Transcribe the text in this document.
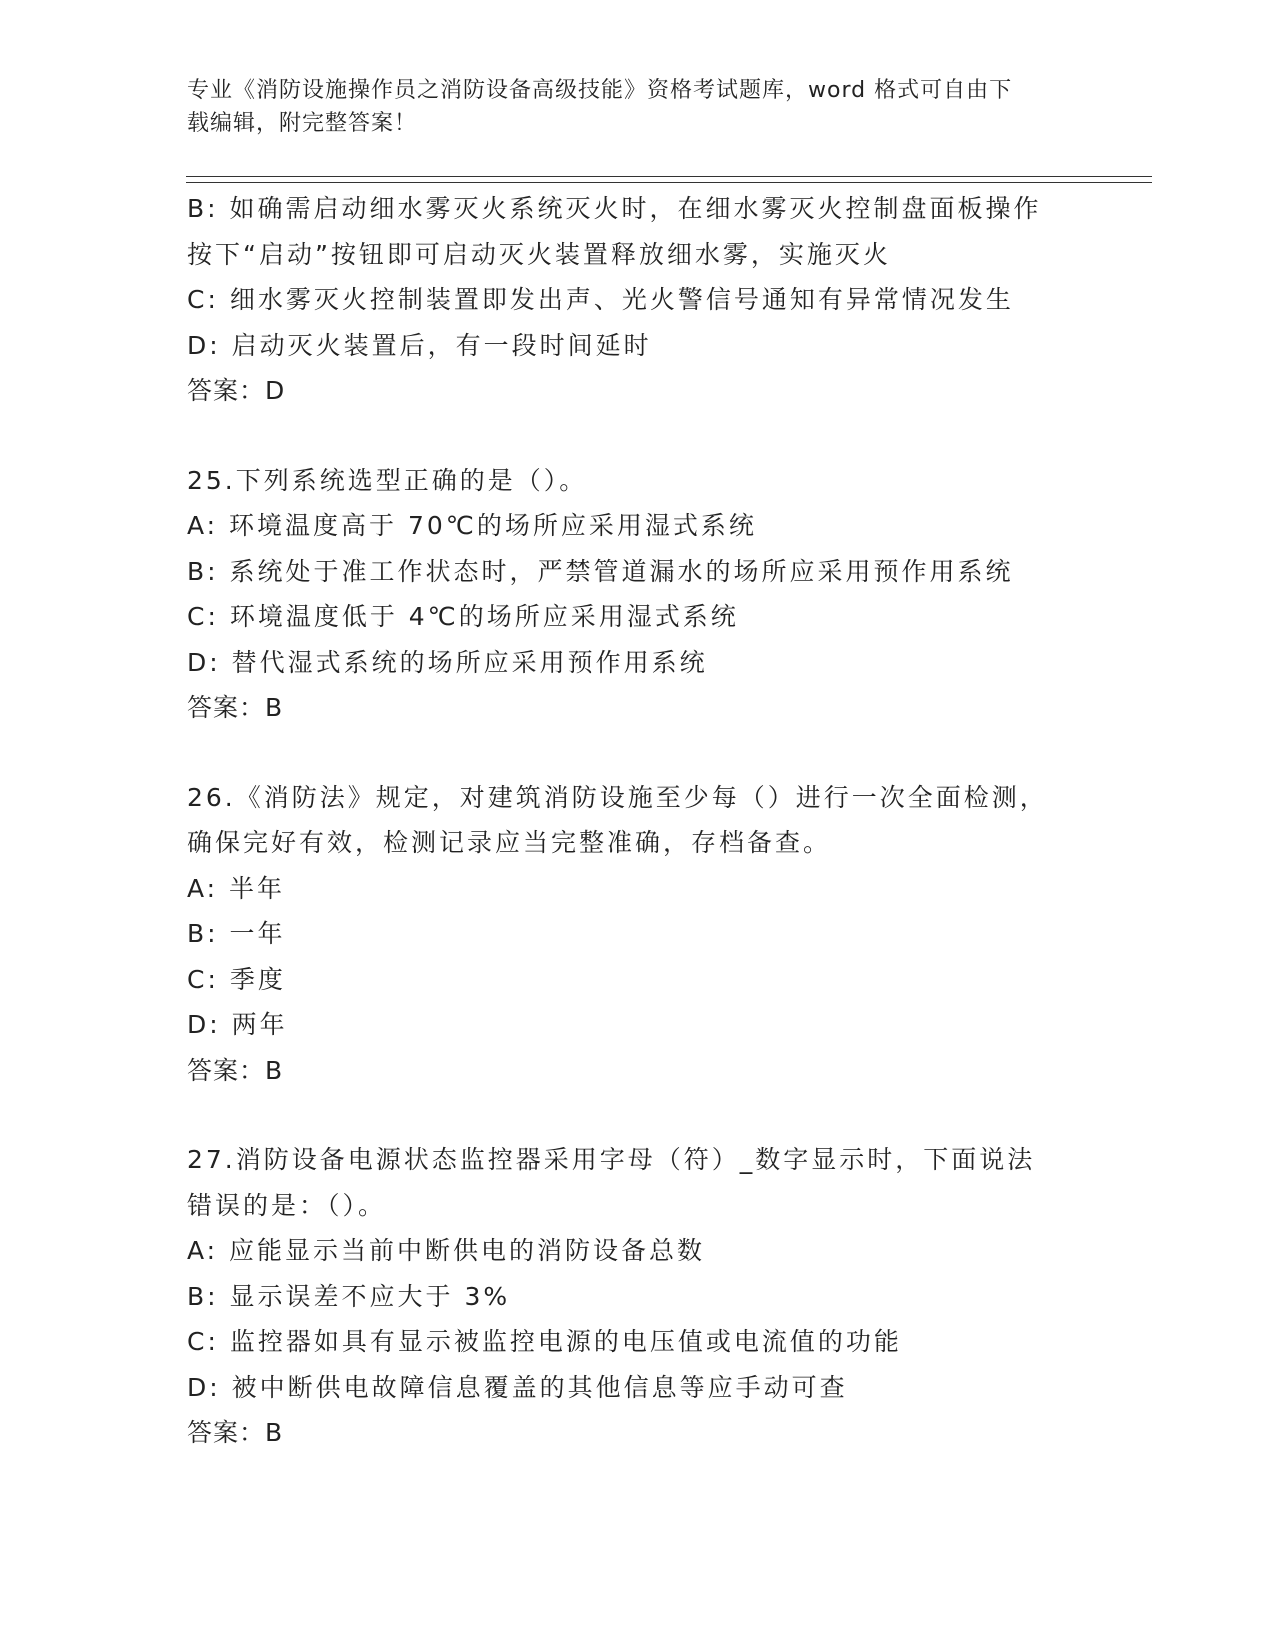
专业《消防设施操作员之消防设备高级技能》资格考试题库，word 格式可自由下
载编辑，附完整答案！
B: 如确需启动细水雾灭火系统灭火时，在细水雾灭火控制盘面板操作
按下“启动”按钮即可启动灭火装置释放细水雾，实施灭火
C: 细水雾灭火控制装置即发出声、光火警信号通知有异常情况发生
D: 启动灭火装置后，有一段时间延时
答案：D
25.下列系统选型正确的是（）。
A: 环境温度高于 70℃的场所应采用湿式系统
B: 系统处于准工作状态时，严禁管道漏水的场所应采用预作用系统
C: 环境温度低于 4℃的场所应采用湿式系统
D: 替代湿式系统的场所应采用预作用系统
答案：B
26.《消防法》规定，对建筑消防设施至少每（）进行一次全面检测，
确保完好有效，检测记录应当完整准确，存档备查。
A: 半年
B: 一年
C: 季度
D: 两年
答案：B
27.消防设备电源状态监控器采用字母（符）_数字显示时，下面说法
错误的是：（）。
A: 应能显示当前中断供电的消防设备总数
B: 显示误差不应大于 3%
C: 监控器如具有显示被监控电源的电压值或电流值的功能
D: 被中断供电故障信息覆盖的其他信息等应手动可查
答案：B
